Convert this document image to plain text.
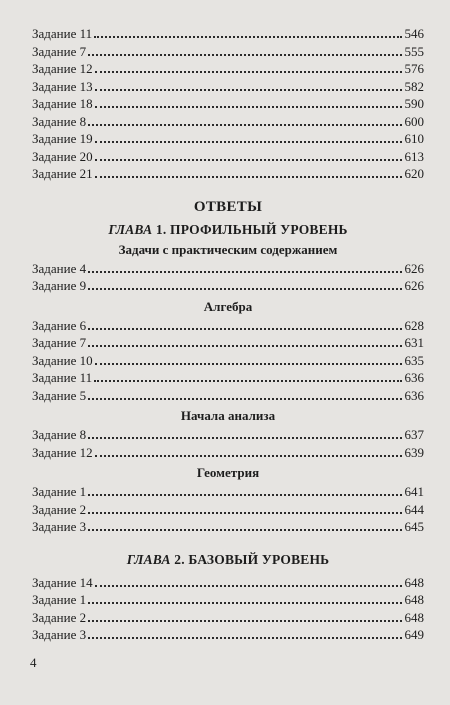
Задание 11	546
Задание 7	555
Задание 12	576
Задание 13	582
Задание 18	590
Задание 8	600
Задание 19	610
Задание 20	613
Задание 21	620
ОТВЕТЫ
ГЛАВА 1. ПРОФИЛЬНЫЙ УРОВЕНЬ
Задачи с практическим содержанием
Задание 4	626
Задание 9	626
Алгебра
Задание 6	628
Задание 7	631
Задание 10	635
Задание 11	636
Задание 5	636
Начала анализа
Задание 8	637
Задание 12	639
Геометрия
Задание 1	641
Задание 2	644
Задание 3	645
ГЛАВА 2. БАЗОВЫЙ УРОВЕНЬ
Задание 14	648
Задание 1	648
Задание 2	648
Задание 3	649
4
